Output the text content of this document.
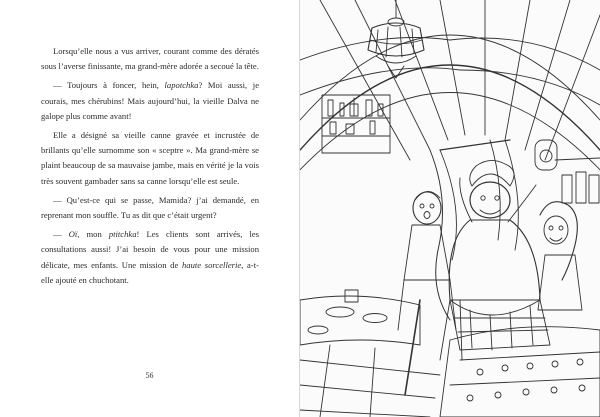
Lorsqu’elle nous a vus arriver, courant comme des dératés sous l’averse finissante, ma grand-mère adorée a secoué la tête.

— Toujours à foncer, hein, lapotchka? Moi aussi, je courais, mes chérubins! Mais aujourd’hui, la vieille Dalva ne galope plus comme avant!

Elle a désigné sa vieille canne gravée et incrustée de brillants qu’elle surnomme son « sceptre ». Ma grand-mère se plaint beaucoup de sa mauvaise jambe, mais en vérité je la vois très souvent gambader sans sa canne lorsqu’elle est seule.

— Qu’est-ce qui se passe, Mamida? j’ai demandé, en reprenant mon souffle. Tu as dit que c’était urgent?

— Oï, mon ptitchka! Les clients sont arrivés, les consultations aussi! J’ai besoin de vous pour une mission délicate, mes enfants. Une mission de haute sorcellerie, a-t-elle ajouté en chuchotant.

56
